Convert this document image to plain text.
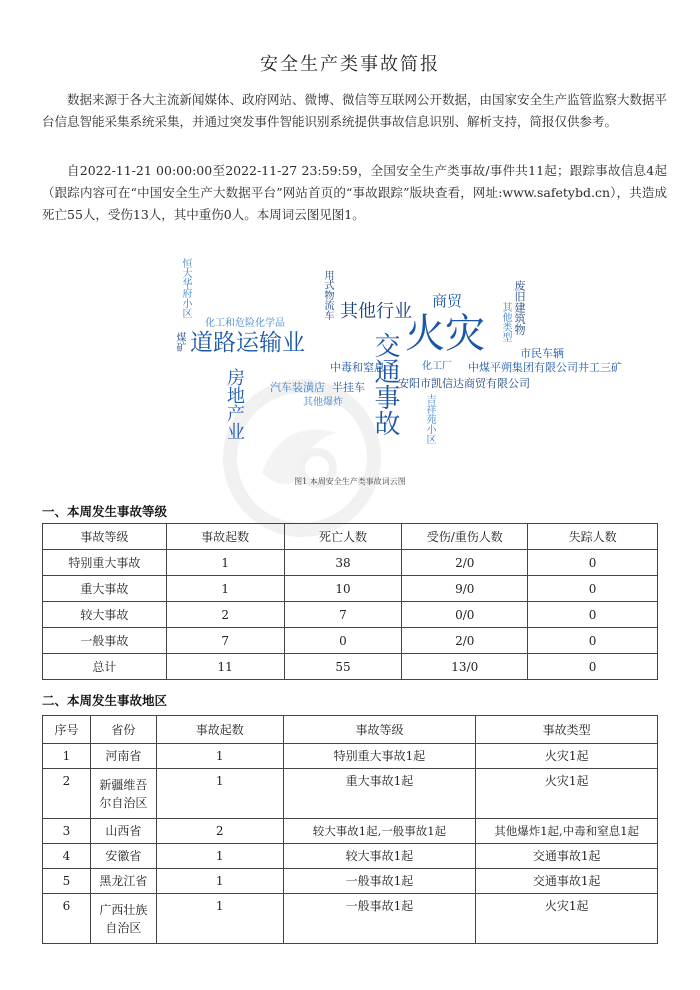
安全生产类事故简报

数据来源于各大主流新闻媒体、政府网站、微博、微信等互联网公开数据，由国家安全生产监管监察大数据平台信息智能采集系统采集，并通过突发事件智能识别系统提供事故信息识别、解析支持，简报仅供参考。

自2022-11-21 00:00:00至2022-11-27 23:59:59，全国安全生产类事故/事件共11起；跟踪事故信息4起（跟踪内容可在“中国安全生产大数据平台”网站首页的“事故跟踪”版块查看，网址:www.safetybd.cn），共造成死亡55人，受伤13人，其中重伤0人。本周词云图见图1。

火灾
交通事故
道路运输业
其他行业
房地产业
商贸
化工和危险化学品
恒大华府小区
煤矿
用式物流车
中毒和窒息
汽车装潢店 半挂车
其他爆炸
化工厂 中煤平朔集团有限公司井工三矿
安阳市凯信达商贸有限公司
市民车辆
其他类型 废旧建筑物
吉祥苑小区
图1 本周安全生产类事故词云图
一、本周发生事故等级
事故等级	事故起数	死亡人数	受伤/重伤人数	失踪人数
特别重大事故	1	38	2/0	0
重大事故	1	10	9/0	0
较大事故	2	7	0/0	0
一般事故	7	0	2/0	0
总计	11	55	13/0	0
二、本周发生事故地区
序号	省份	事故起数	事故等级	事故类型
1	河南省	1	特别重大事故1起	火灾1起
2	新疆维吾尔自治区	1	重大事故1起	火灾1起
3	山西省	2	较大事故1起,一般事故1起	其他爆炸1起,中毒和窒息1起
4	安徽省	1	较大事故1起	交通事故1起
5	黑龙江省	1	一般事故1起	交通事故1起
6	广西壮族自治区	1	一般事故1起	火灾1起
